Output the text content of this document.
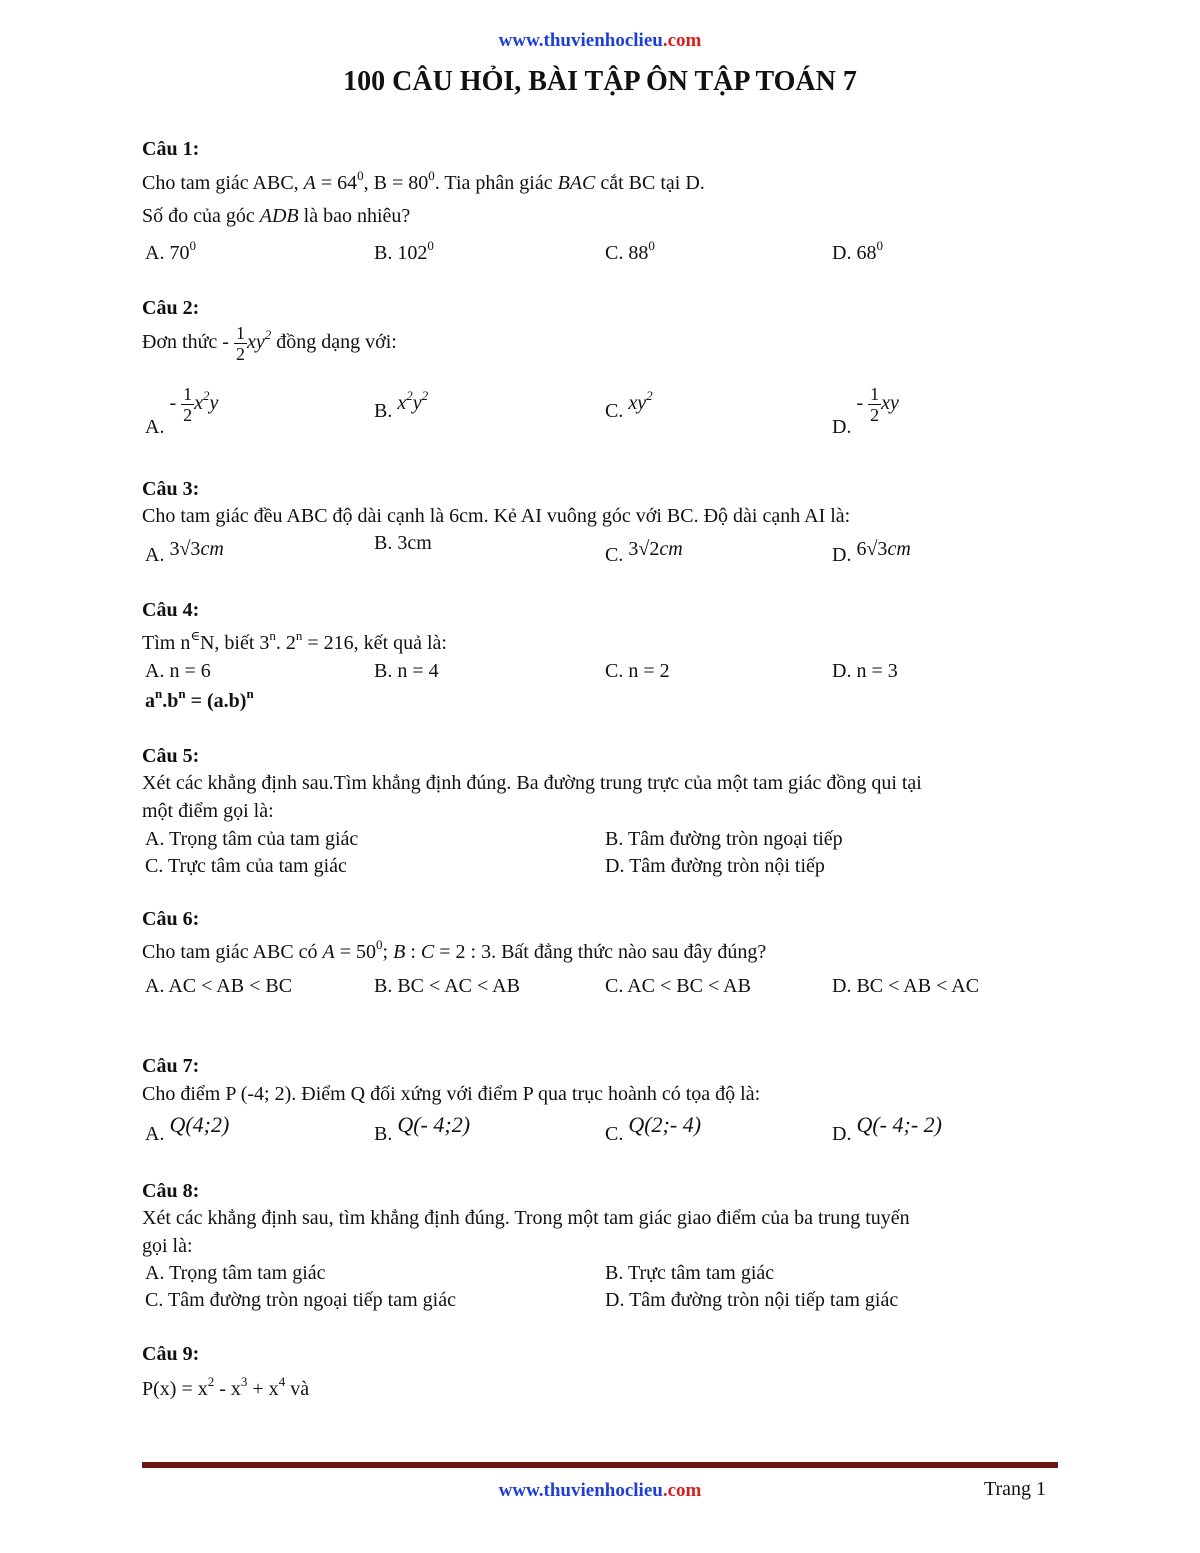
www.thuvienhoclieu.com
100 CÂU HỎI, BÀI TẬP ÔN TẬP TOÁN 7
Câu 1:
Cho tam giác ABC, $A = 64^0$, $B = 80^0$. Tia phân giác BAC cắt BC tại D.
Số đo của góc ADB là bao nhiêu?
A. $70^0$	B. $102^0$	C. $88^0$	D. $68^0$
Câu 2:
Đơn thức - $\frac{1}{2} xy^2$ đồng dạng với:
A. - $\frac{1}{2} x^2y$	B. $x^2y^2$
C. $xy^2$
D. - $\frac{1}{2}$ xy
Câu 3:
Cho tam giác đều ABC độ dài cạnh là 6cm. Kẻ AI vuông góc với BC. Độ dài cạnh AI là:
A. 3√3cm	B. 3cm
C. 3√2cm	D. 6√3cm
Câu 4:
Tìm n∈N, biết 3$^n$. $2^n = 216$, kết quả là:
A. n = 6	B. n = 4	C. n = 2	D. n = 3
$a^n.b^n = (a.b)^n$
Câu 5:
Xét các khẳng định sau.Tìm khẳng định đúng. Ba đường trung trực của một tam giác đồng qui tại
một điểm gọi là:
A. Trọng tâm của tam giác	B. Tâm đường tròn ngoại tiếp
C. Trực tâm của tam giác	D. Tâm đường tròn nội tiếp
Câu 6:
Cho tam giác ABC có $A = 50^0$; B : C = 2 : 3. Bất đẳng thức nào sau đây đúng?
A. AC < AB < BC	B. BC < AC < AB	C. AC < BC < AB	D. BC < AB < AC
Câu 7:
Cho điểm P (-4; 2). Điểm Q đối xứng với điểm P qua trục hoành có tọa độ là:
A. Q(4;2)	B. Q(- 4;2)	C. Q(2;- 4)	D. Q(- 4;- 2)
Câu 8:
Xét các khẳng định sau, tìm khẳng định đúng. Trong một tam giác giao điểm của ba trung tuyến
gọi là:
A. Trọng tâm tam giác	B. Trực tâm tam giác
C. Tâm đường tròn ngoại tiếp tam giác	D. Tâm đường tròn nội tiếp tam giác
Câu 9:
$P(x) = x^2 - x^3 + x^4$ và
www.thuvienhoclieu.com	Trang 1
